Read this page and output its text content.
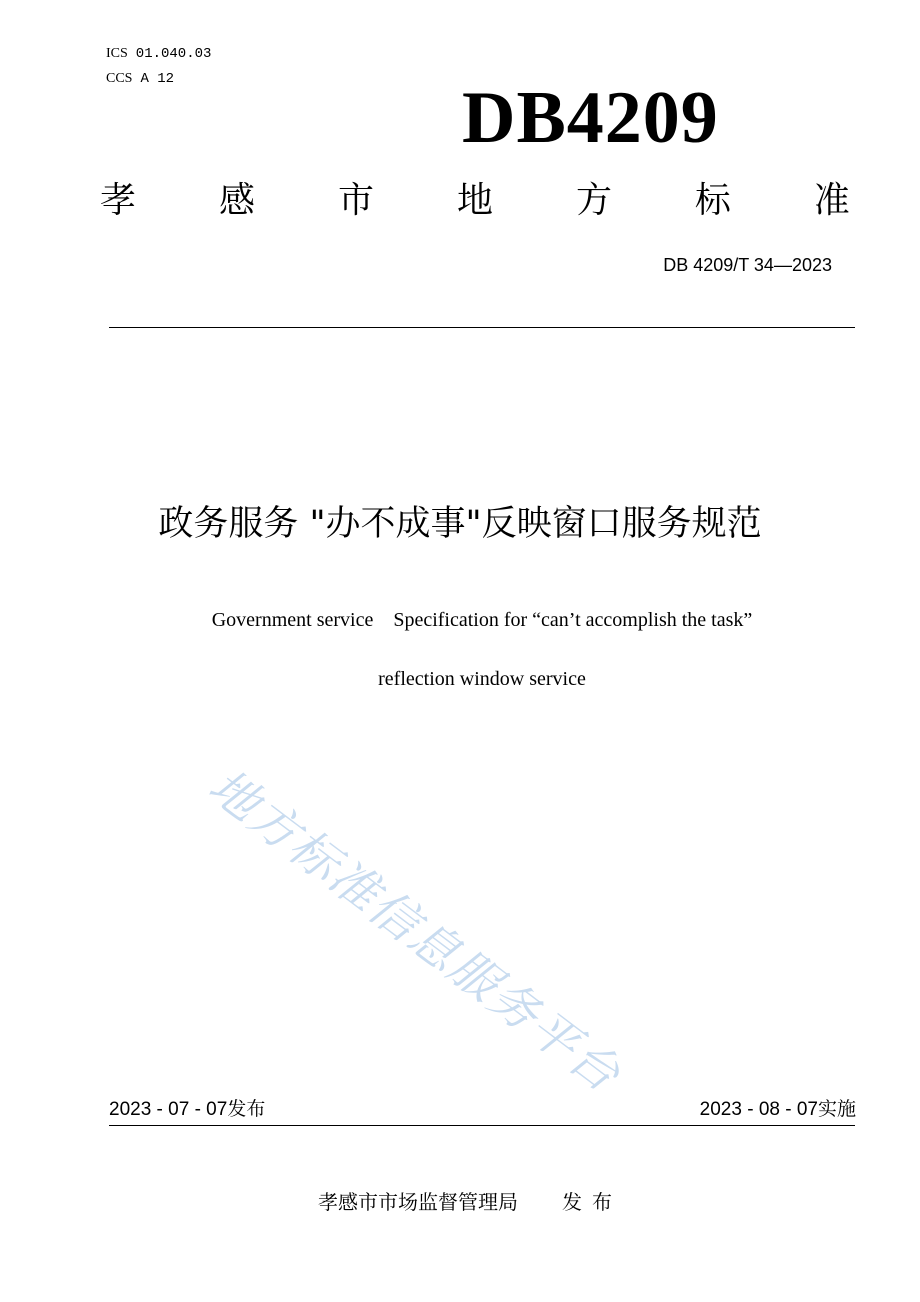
ICS 01.040.03
CCS A 12	DB4209
孝 感 市 地 方 标 准
DB 4209/T 34—2023
政务服务 "办不成事"反映窗口服务规范
Government service　Specification for “can’t accomplish the task”
reflection window service
地方标准信息服务平台
2023 - 07 - 07发布	2023 - 08 - 07实施
孝感市市场监督管理局 发布
